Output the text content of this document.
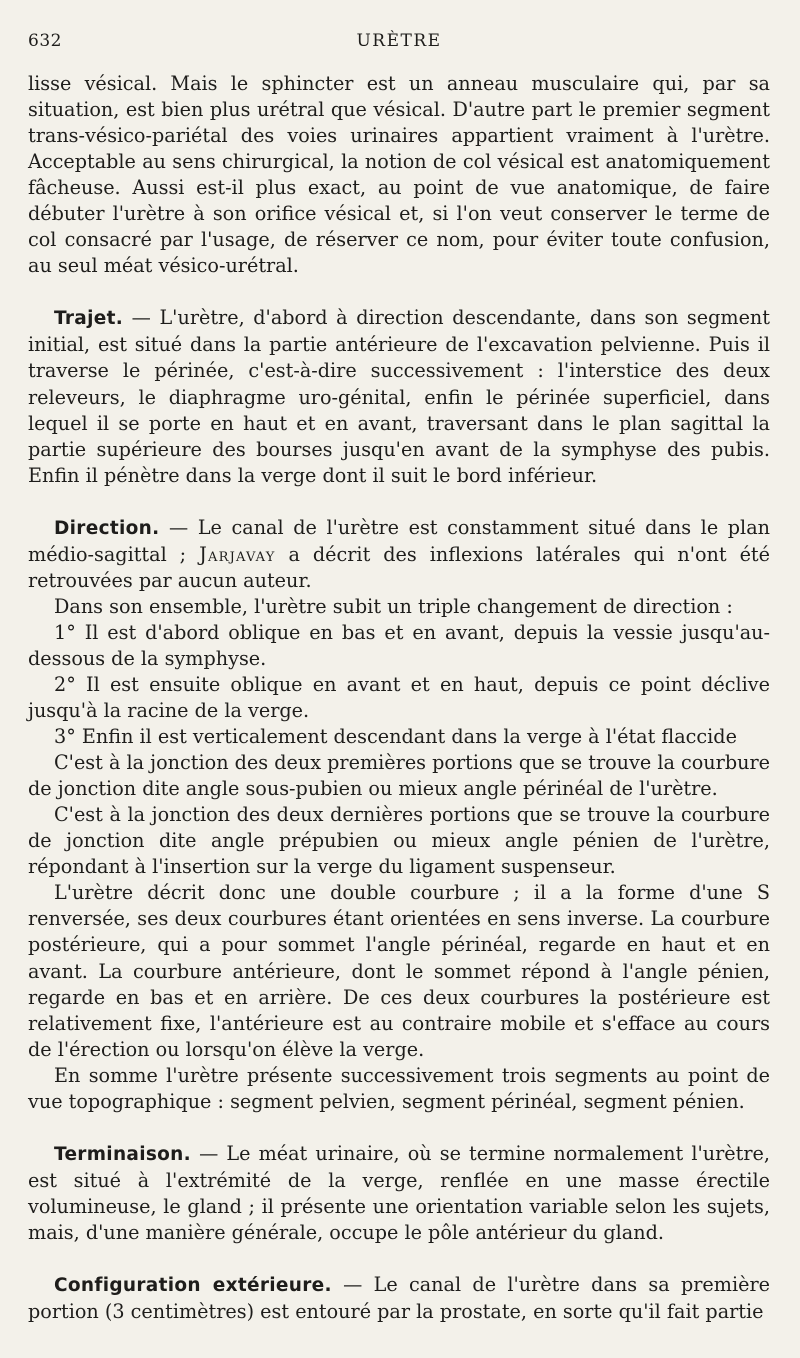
632	URÈTRE

lisse vésical. Mais le sphincter est un anneau musculaire qui, par sa situation, est bien plus urétral que vésical. D'autre part le premier segment trans-vésico-pariétal des voies urinaires appartient vraiment à l'urètre. Acceptable au sens chirurgical, la notion de col vésical est anatomiquement fâcheuse. Aussi est-il plus exact, au point de vue anatomique, de faire débuter l'urètre à son orifice vésical et, si l'on veut conserver le terme de col consacré par l'usage, de réserver ce nom, pour éviter toute confusion, au seul méat vésico-urétral.

Trajet. — L'urètre, d'abord à direction descendante, dans son segment initial, est situé dans la partie antérieure de l'excavation pelvienne. Puis il traverse le périnée, c'est-à-dire successivement : l'interstice des deux releveurs, le diaphragme uro-génital, enfin le périnée superficiel, dans lequel il se porte en haut et en avant, traversant dans le plan sagittal la partie supérieure des bourses jusqu'en avant de la symphyse des pubis. Enfin il pénètre dans la verge dont il suit le bord inférieur.

Direction. — Le canal de l'urètre est constamment situé dans le plan médio-sagittal ; Jarjavay a décrit des inflexions latérales qui n'ont été retrouvées par aucun auteur.

Dans son ensemble, l'urètre subit un triple changement de direction :

1° Il est d'abord oblique en bas et en avant, depuis la vessie jusqu'au-dessous de la symphyse.

2° Il est ensuite oblique en avant et en haut, depuis ce point déclive jusqu'à la racine de la verge.

3° Enfin il est verticalement descendant dans la verge à l'état flaccide

C'est à la jonction des deux premières portions que se trouve la courbure de jonction dite angle sous-pubien ou mieux angle périnéal de l'urètre.

C'est à la jonction des deux dernières portions que se trouve la courbure de jonction dite angle prépubien ou mieux angle pénien de l'urètre, répondant à l'insertion sur la verge du ligament suspenseur.

L'urètre décrit donc une double courbure ; il a la forme d'une S renversée, ses deux courbures étant orientées en sens inverse. La courbure postérieure, qui a pour sommet l'angle périnéal, regarde en haut et en avant. La courbure antérieure, dont le sommet répond à l'angle pénien, regarde en bas et en arrière. De ces deux courbures la postérieure est relativement fixe, l'antérieure est au contraire mobile et s'efface au cours de l'érection ou lorsqu'on élève la verge.

En somme l'urètre présente successivement trois segments au point de vue topographique : segment pelvien, segment périnéal, segment pénien.

Terminaison. — Le méat urinaire, où se termine normalement l'urètre, est situé à l'extrémité de la verge, renflée en une masse érectile volumineuse, le gland ; il présente une orientation variable selon les sujets, mais, d'une manière générale, occupe le pôle antérieur du gland.

Configuration extérieure. — Le canal de l'urètre dans sa première portion (3 centimètres) est entouré par la prostate, en sorte qu'il fait partie
